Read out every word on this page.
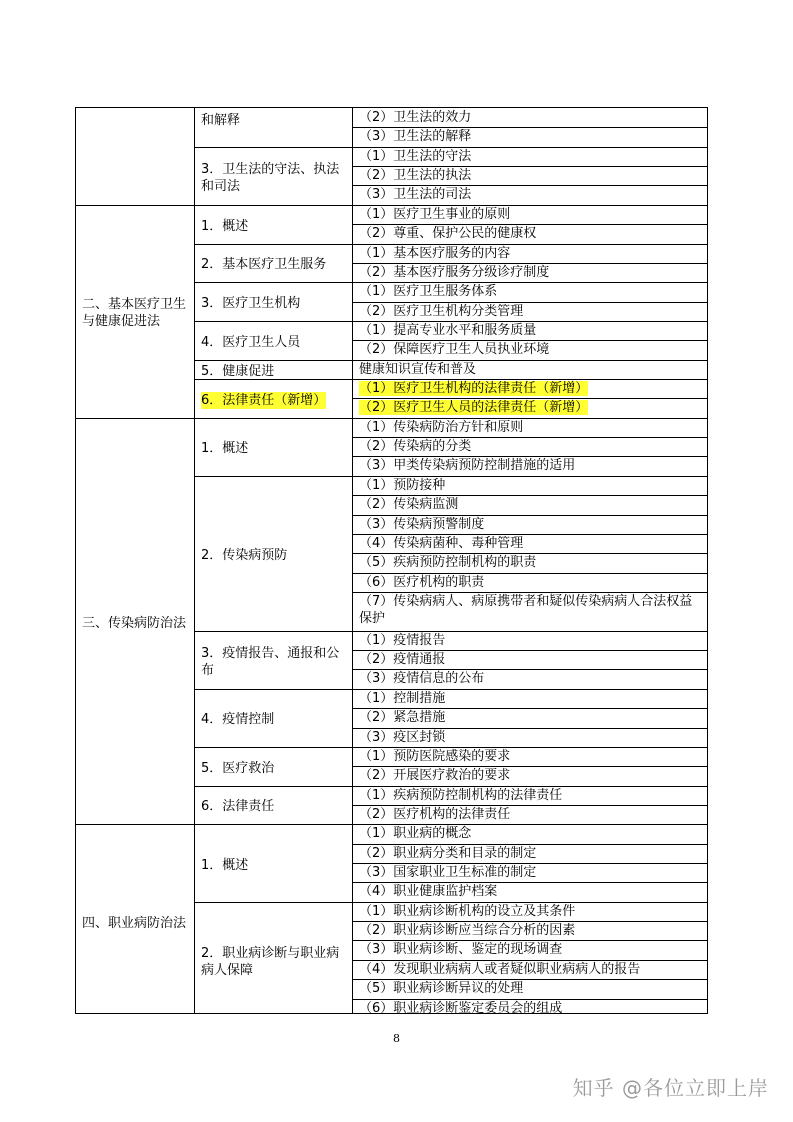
（2）卫生法的效力
（3）卫生法的解释
和解释
（1）卫生法的守法
（2）卫生法的执法
（3）卫生法的司法
3．卫生法的守法、执法和司法
（1）医疗卫生事业的原则
（2）尊重、保护公民的健康权
1．概述
（1）基本医疗服务的内容
（2）基本医疗服务分级诊疗制度
2．基本医疗卫生服务
（1）医疗卫生服务体系
（2）医疗卫生机构分类管理
3．医疗卫生机构
（1）提高专业水平和服务质量
（2）保障医疗卫生人员执业环境
4．医疗卫生人员
健康知识宣传和普及
5．健康促进
（1）医疗卫生机构的法律责任（新增）
（2）医疗卫生人员的法律责任（新增）
6．法律责任（新增）
二、基本医疗卫生与健康促进法
（1）传染病防治方针和原则
（2）传染病的分类
（3）甲类传染病预防控制措施的适用
1．概述
（1）预防接种
（2）传染病监测
（3）传染病预警制度
（4）传染病菌种、毒种管理
（5）疾病预防控制机构的职责
（6）医疗机构的职责
（7）传染病病人、病原携带者和疑似传染病病人合法权益保护
2．传染病预防
（1）疫情报告
（2）疫情通报
（3）疫情信息的公布
3．疫情报告、通报和公布
（1）控制措施
（2）紧急措施
（3）疫区封锁
4．疫情控制
（1）预防医院感染的要求
（2）开展医疗救治的要求
5．医疗救治
（1）疾病预防控制机构的法律责任
（2）医疗机构的法律责任
6．法律责任
三、传染病防治法
（1）职业病的概念
（2）职业病分类和目录的制定
（3）国家职业卫生标准的制定
（4）职业健康监护档案
1．概述
（1）职业病诊断机构的设立及其条件
（2）职业病诊断应当综合分析的因素
（3）职业病诊断、鉴定的现场调查
（4）发现职业病病人或者疑似职业病病人的报告
（5）职业病诊断异议的处理
（6）职业病诊断鉴定委员会的组成
2．职业病诊断与职业病病人保障
四、职业病防治法
8
知乎 @各位立即上岸
